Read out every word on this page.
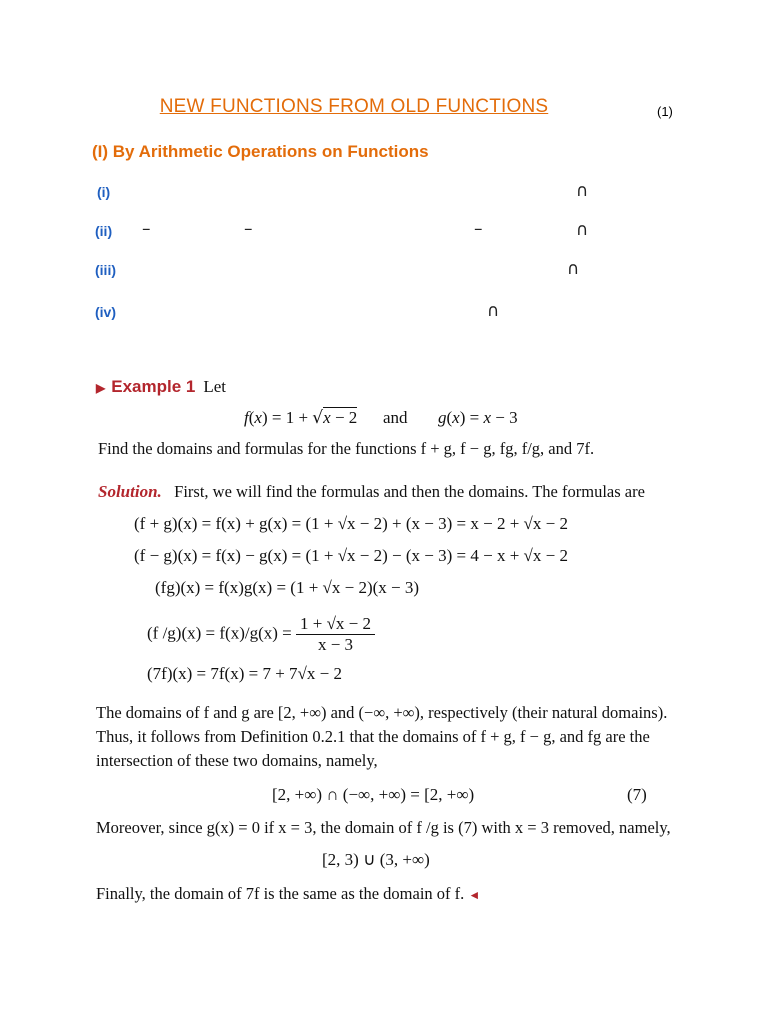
NEW FUNCTIONS FROM OLD FUNCTIONS	(1)
(I) By Arithmetic Operations on Functions
(i)	∩
(ii) –	–	–	∩
(iii)	∩
(iv)	∩
▶ Example 1 Let
f(x) = 1 + √x − 2 and g(x) = x − 3
Find the domains and formulas for the functions f + g, f − g, fg, f/g, and 7f.
Solution. First, we will find the formulas and then the domains. The formulas are
(f + g)(x) = f(x) + g(x) = (1 + √x − 2) + (x − 3) = x − 2 + √x − 2
(f − g)(x) = f(x) − g(x) = (1 + √x − 2) − (x − 3) = 4 − x + √x − 2
(fg)(x) = f(x)g(x) = (1 + √x − 2)(x − 3)
(f $/g)(x) = f(x)/g(x) = \frac{1 + √x - 2}{x - 3}$
(7f)(x) = 7f(x) = 7 + 7√x − 2
The domains of f and g are [2, +∞) and (−∞, +∞), respectively (their natural domains).
Thus, it follows from Definition 0.2.1 that the domains of f + g, f − g, and fg are the
intersection of these two domains, namely,
[2, +∞) ∩ (−∞, +∞) = [2, +∞)	(7)
Moreover, since g(x) = 0 if x = 3, the domain of f /g is (7) with x = 3 removed, namely,
[2, 3) ∪ (3, +∞)
Finally, the domain of 7f is the same as the domain of f. ◄
